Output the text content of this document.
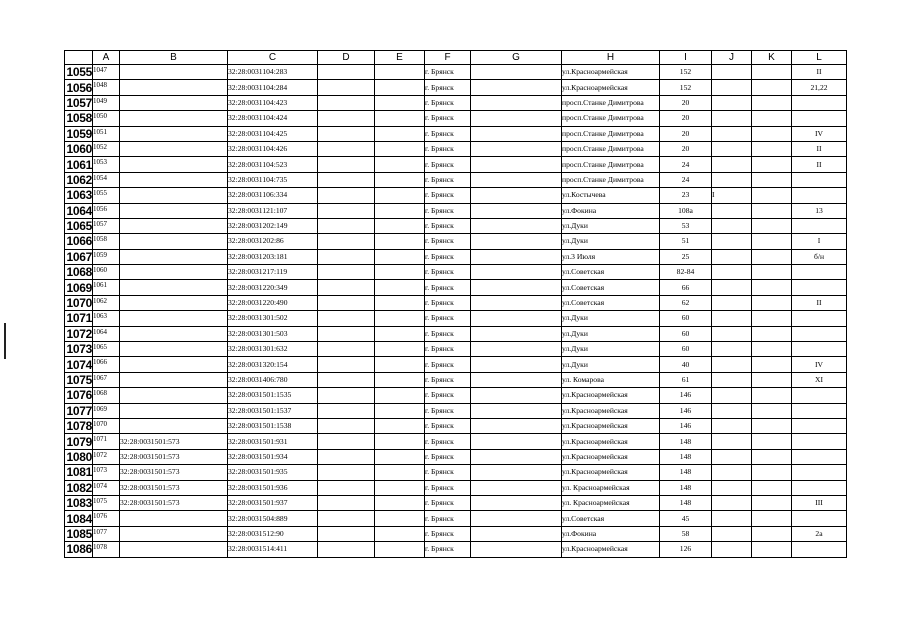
	A	B	C	D	E	F	G	H	I	J	K	L
1055	1047		32:28:0031104:283			г. Брянск		ул.Красноармейская	152			II
1056	1048		32:28:0031104:284			г. Брянск		ул.Красноармейская	152			21,22
1057	1049		32:28:0031104:423			г. Брянск		просп.Станке Димитрова	20			
1058	1050		32:28:0031104:424			г. Брянск		просп.Станке Димитрова	20			
1059	1051		32:28:0031104:425			г. Брянск		просп.Станке Димитрова	20			IV
1060	1052		32:28:0031104:426			г. Брянск		просп.Станке Димитрова	20			II
1061	1053		32:28:0031104:523			г. Брянск		просп.Станке Димитрова	24			II
1062	1054		32:28:0031104:735			г. Брянск		просп.Станке Димитрова	24			
1063	1055		32:28:0031106:334			г. Брянск		ул.Костычева	23	I		
1064	1056		32:28:0031121:107			г. Брянск		ул.Фокина	108а			13
1065	1057		32:28:0031202:149			г. Брянск		ул.Дуки	53			
1066	1058		32:28:0031202:86			г. Брянск		ул.Дуки	51			I
1067	1059		32:28:0031203:181			г. Брянск		ул.3 Июля	25			б/н
1068	1060		32:28:0031217:119			г. Брянск		ул.Советская	82-84			
1069	1061		32:28:0031220:349			г. Брянск		ул.Советская	66			
1070	1062		32:28:0031220:490			г. Брянск		ул.Советская	62			II
1071	1063		32:28:0031301:502			г. Брянск		ул.Дуки	60			
1072	1064		32:28:0031301:503			г. Брянск		ул.Дуки	60			
1073	1065		32:28:0031301:632			г. Брянск		ул.Дуки	60			
1074	1066		32:28:0031320:154			г. Брянск		ул.Дуки	40			IV
1075	1067		32:28:0031406:780			г. Брянск		ул. Комарова	61			XI
1076	1068		32:28:0031501:1535			г. Брянск		ул.Красноармейская	146			
1077	1069		32:28:0031501:1537			г. Брянск		ул.Красноармейская	146			
1078	1070		32:28:0031501:1538			г. Брянск		ул.Красноармейская	146			
1079	1071	32:28:0031501:573	32:28:0031501:931			г. Брянск		ул.Красноармейская	148			
1080	1072	32:28:0031501:573	32:28:0031501:934			г. Брянск		ул.Красноармейская	148			
1081	1073	32:28:0031501:573	32:28:0031501:935			г. Брянск		ул.Красноармейская	148			
1082	1074	32:28:0031501:573	32:28:0031501:936			г. Брянск		ул. Красноармейская	148			
1083	1075	32:28:0031501:573	32:28:0031501:937			г. Брянск		ул. Красноармейская	148			III
1084	1076		32:28:0031504:889			г. Брянск		ул.Советская	45			
1085	1077		32:28:0031512:90			г. Брянск		ул.Фокина	58			2а
1086	1078		32:28:0031514:411			г. Брянск		ул.Красноармейская	126			
